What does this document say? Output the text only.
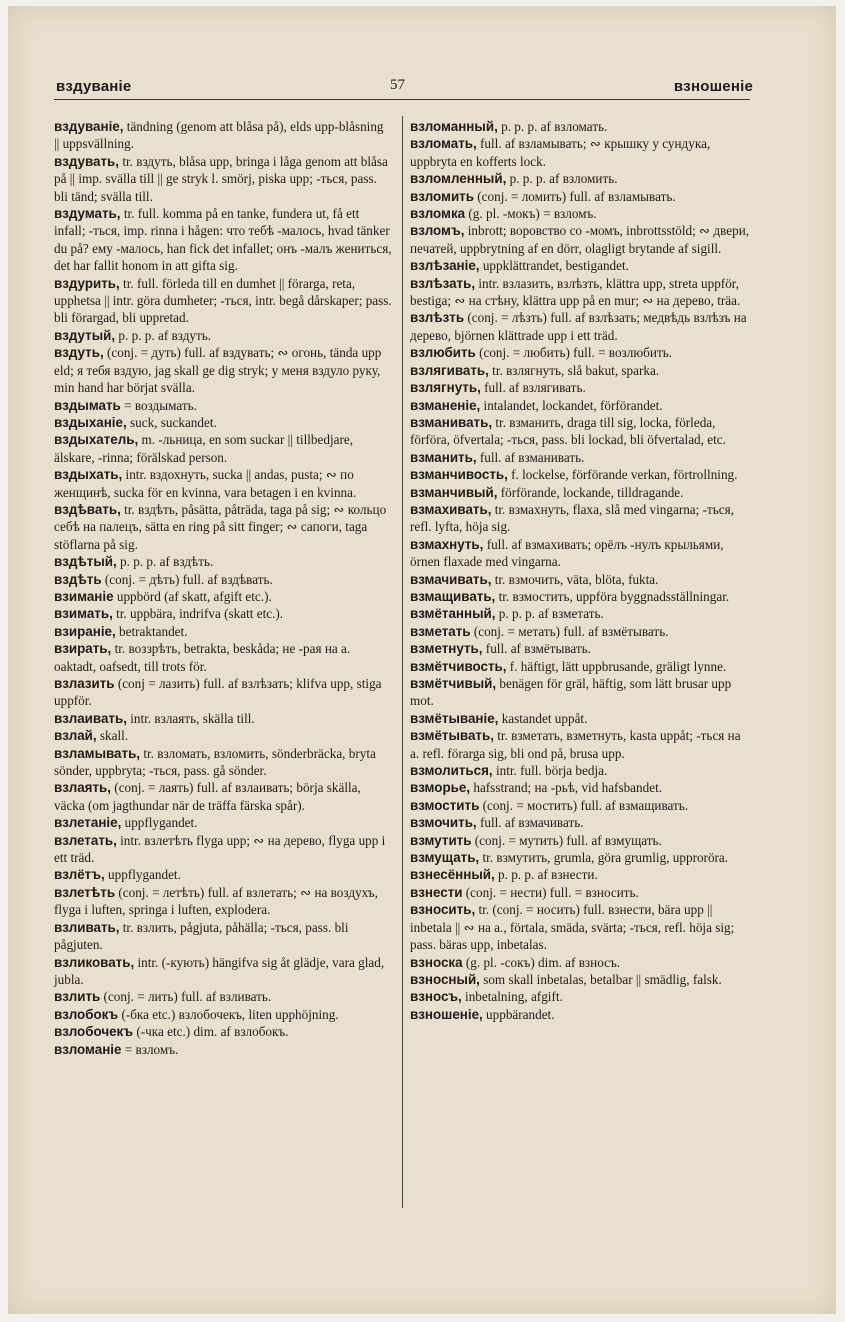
вздуванie	57	взношенie

вздуванie, tändning (genom att blåsa på), elds upp-blåsning || uppsvällning.

вздувать, tr. вздуть, blåsa upp, bringa i låga genom att blåsa på || imp. svälla till || ge stryk l. smörj, piska upp; -ться, pass. bli tänd; svälla till.

вздумать, tr. full. komma på en tanke, fundera ut, få ett infall; -ться, imp. rinna i hågen: что тебѣ -малось, hvad tänker du på? ему -малось, han fick det infallet; онъ -малъ жениться, det har fallit honom in att gifta sig.

вздурить, tr. full. förleda till en dumhet || förarga, reta, upphetsa || intr. göra dumheter; -ться, intr. begå dårskaper; pass. bli förargad, bli uppretad.

вздутый, p. p. p. af вздуть.

вздуть, (conj. = дуть) full. af вздувать; ∾ огонь, tända upp eld; я тебя вздую, jag skall ge dig stryk; у меня вздуло руку, min hand har börjat svälla.

вздымать = воздымать.

вздыханie, suck, suckandet.

вздыхатель, m. -льница, en som suckar || tillbedjare, älskare, -rinna; förälskad person.

вздыхать, intr. вздохнуть, sucka || andas, pusta; ∾ по женщинѣ, sucka för en kvinna, vara betagen i en kvinna.

вздѣвать, tr. вздѣть, påsätta, påträda, taga på sig; ∾ кольцо себѣ на палецъ, sätta en ring på sitt finger; ∾ сапоги, taga stöflarna på sig.

вздѣтый, p. p. p. af вздѣть.

вздѣть (conj. = дѣть) full. af вздѣвать.

взиманie uppbörd (af skatt, afgift etc.).

взимать, tr. uppbära, indrifva (skatt etc.).

взиранie, betraktandet.

взирать, tr. воззрѣть, betrakta, beskåda; не -рая на a. oaktadt, oafsedt, till trots för.

взлазить (conj = лазить) full. af взлѣзать; klifva upp, stiga uppför.

взлаивать, intr. взлаять, skälla till.

взлай, skall.

взламывать, tr. взломать, взломить, sönderbräcka, bryta sönder, uppbryta; -ться, pass. gå sönder.

взлаять, (conj. = лаять) full. af взлаивать; börja skälla, väcka (om jagthundar när de träffa färska spår).

взлетанie, uppflygandet.

взлетать, intr. взлетѣть flyga upp; ∾ на дерево, flyga upp i ett träd.

взлётъ, uppflygandet.

взлетѣть (conj. = летѣть) full. af взлетать; ∾ на воздухъ, flyga i luften, springa i luften, explodera.

взливать, tr. взлить, pågjuta, påhälla; -ться, pass. bli pågjuten.

взликовать, intr. (-кують) hängifva sig åt glädje, vara glad, jubla.

взлить (conj. = лить) full. af взливать.

взлобокъ (-бка etc.) взлобочекъ, liten upphöjning.

взлобочекъ (-чка etc.) dim. af взлобокъ.

взломанie = взломъ.

взломанный, p. p. p. af взломать.

взломать, full. af взламывать; ∾ крышку у сундука, uppbryta en kofferts lock.

взломленный, p. p. p. af взломить.

взломить (conj. = ломить) full. af взламывать.

взломка (g. pl. -мокъ) = взломъ.

взломъ, inbrott; воровство со -момъ, inbrottsstöld; ∾ двери, печатей, uppbrytning af en dörr, olagligt brytande af sigill.

взлѣзанie, uppklättrandet, bestigandet.

взлѣзать, intr. взлазить, взлѣзть, klättra upp, streta uppför, bestiga; ∾ на стѣну, klättra upp på en mur; ∾ на дерево, träa.

взлѣзть (conj. = лѣзть) full. af взлѣзать; медвѣдь взлѣзъ на дерево, björnen klättrade upp i ett träd.

взлюбить (conj. = любить) full. = возлюбить.

взлягивать, tr. взлягнуть, slå bakut, sparka.

взлягнуть, full. af взлягивать.

взманенie, intalandet, lockandet, förförandet.

взманивать, tr. взманить, draga till sig, locka, förleda, förföra, öfvertala; -ться, pass. bli lockad, bli öfvertalad, etc.

взманить, full. af взманивать.

взманчивость, f. lockelse, förförande verkan, förtrollning.

взманчивый, förförande, lockande, tilldragande.

взмахивать, tr. взмахнуть, flaxa, slå med vingarna; -ться, refl. lyfta, höja sig.

взмахнуть, full. af взмахивать; орёлъ -нулъ крыльями, örnen flaxade med vingarna.

взмачивать, tr. взмочить, väta, blöta, fukta.

взмащивать, tr. взмостить, uppföra byggnadsställningar.

взмётанный, p. p. p. af взметать.

взметать (conj. = метать) full. af взмётывать.

взметнуть, full. af взмётывать.

взмётчивость, f. häftigt, lätt uppbrusande, gräligt lynne.

взмётчивый, benägen för gräl, häftig, som lätt brusar upp mot.

взмётыванie, kastandet uppåt.

взмётывать, tr. взметать, взметнуть, kasta uppåt; -ться на a. refl. förarga sig, bli ond på, brusa upp.

взмолиться, intr. full. börja bedja.

взморье, hafsstrand; на -рьѣ, vid hafsbandet.

взмостить (conj. = мостить) full. af взмащивать.

взмочить, full. af взмачивать.

взмутить (conj. = мутить) full. af взмущать.

взмущать, tr. взмутить, grumla, göra grumlig, upproröra.

взнесённый, p. p. p. af взнести.

взнести (conj. = нести) full. = взносить.

взносить, tr. (conj. = носить) full. взнести, bära upp || inbetala || ∾ на a., förtala, smäda, svärta; -ться, refl. höja sig; pass. bäras upp, inbetalas.

взноска (g. pl. -сокъ) dim. af взносъ.

взносный, som skall inbetalas, betalbar || smädlig, falsk.

взносъ, inbetalning, afgift.

взношенie, uppbärandet.
